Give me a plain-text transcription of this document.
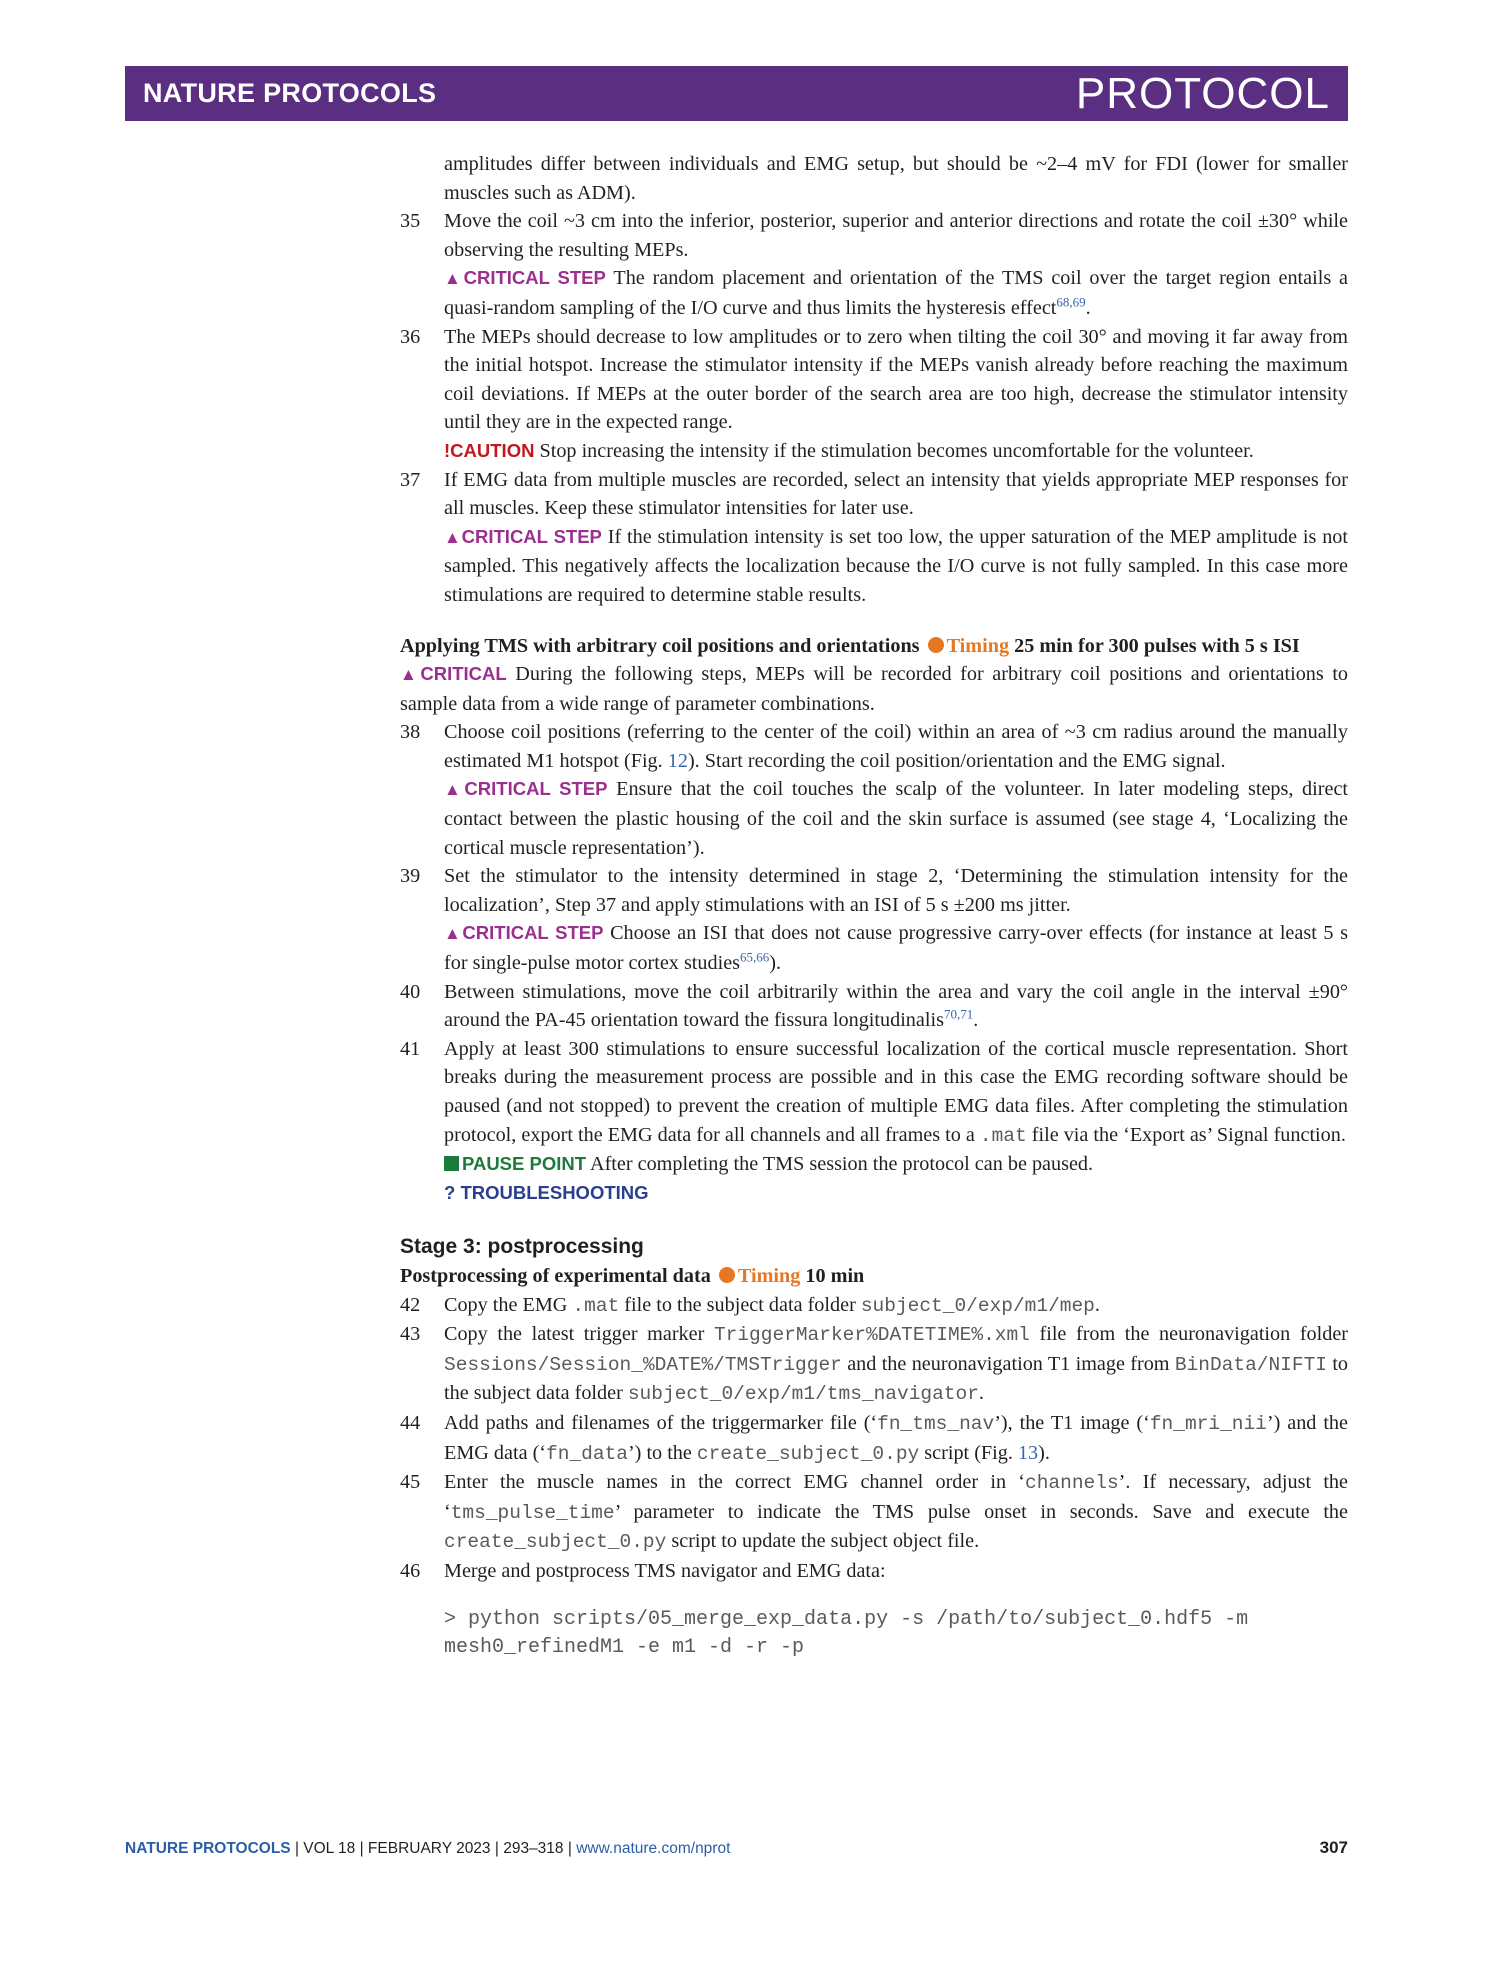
NATURE PROTOCOLS	PROTOCOL
amplitudes differ between individuals and EMG setup, but should be ~2–4 mV for FDI (lower for smaller muscles such as ADM).
35 Move the coil ~3 cm into the inferior, posterior, superior and anterior directions and rotate the coil ±30° while observing the resulting MEPs.
▲CRITICAL STEP The random placement and orientation of the TMS coil over the target region entails a quasi-random sampling of the I/O curve and thus limits the hysteresis effect$^{68,69}$.
36 The MEPs should decrease to low amplitudes or to zero when tilting the coil 30° and moving it far away from the initial hotspot. Increase the stimulator intensity if the MEPs vanish already before reaching the maximum coil deviations. If MEPs at the outer border of the search area are too high, decrease the stimulator intensity until they are in the expected range.
!CAUTION Stop increasing the intensity if the stimulation becomes uncomfortable for the volunteer.
37 If EMG data from multiple muscles are recorded, select an intensity that yields appropriate MEP responses for all muscles. Keep these stimulator intensities for later use.
▲CRITICAL STEP If the stimulation intensity is set too low, the upper saturation of the MEP amplitude is not sampled. This negatively affects the localization because the I/O curve is not fully sampled. In this case more stimulations are required to determine stable results.
Applying TMS with arbitrary coil positions and orientations Timing 25 min for 300 pulses with 5 s ISI
▲CRITICAL During the following steps, MEPs will be recorded for arbitrary coil positions and orientations to sample data from a wide range of parameter combinations.
38 Choose coil positions (referring to the center of the coil) within an area of ~3 cm radius around the manually estimated M1 hotspot (Fig. 12). Start recording the coil position/orientation and the EMG signal.
▲CRITICAL STEP Ensure that the coil touches the scalp of the volunteer. In later modeling steps, direct contact between the plastic housing of the coil and the skin surface is assumed (see stage 4, ‘Localizing the cortical muscle representation’).
39 Set the stimulator to the intensity determined in stage 2, ‘Determining the stimulation intensity for the localization’, Step 37 and apply stimulations with an ISI of 5 s ±200 ms jitter.
▲CRITICAL STEP Choose an ISI that does not cause progressive carry-over effects (for instance at least 5 s for single-pulse motor cortex studies$^{65,66}$).
40 Between stimulations, move the coil arbitrarily within the area and vary the coil angle in the interval ±90° around the PA-45 orientation toward the fissura longitudinalis$^{70,71}$.
41 Apply at least 300 stimulations to ensure successful localization of the cortical muscle representation. Short breaks during the measurement process are possible and in this case the EMG recording software should be paused (and not stopped) to prevent the creation of multiple EMG data files. After completing the stimulation protocol, export the EMG data for all channels and all frames to a .mat file via the ‘Export as’ Signal function.
PAUSE POINT After completing the TMS session the protocol can be paused.
? TROUBLESHOOTING
Stage 3: postprocessing
Postprocessing of experimental data Timing 10 min
42 Copy the EMG .mat file to the subject data folder subject_0/exp/m1/mep.
43 Copy the latest trigger marker TriggerMarker%DATETIME%.xml file from the neuronavigation folder Sessions/Session_%DATE%/TMSTrigger and the neuronavigation T1 image from BinData/NIFTI to the subject data folder subject_0/exp/m1/tms_navigator.
44 Add paths and filenames of the triggermarker file (‘fn_tms_nav’), the T1 image (‘fn_mri_nii’) and the EMG data (‘fn_data’) to the create_subject_0.py script (Fig. 13).
45 Enter the muscle names in the correct EMG channel order in ‘channels’. If necessary, adjust the ‘tms_pulse_time’ parameter to indicate the TMS pulse onset in seconds. Save and execute the create_subject_0.py script to update the subject object file.
46 Merge and postprocess TMS navigator and EMG data:
> python scripts/05_merge_exp_data.py -s /path/to/subject_0.hdf5 -m mesh0_refinedM1 -e m1 -d -r -p
NATURE PROTOCOLS | VOL 18 | FEBRUARY 2023 | 293–318 | www.nature.com/nprot	307
